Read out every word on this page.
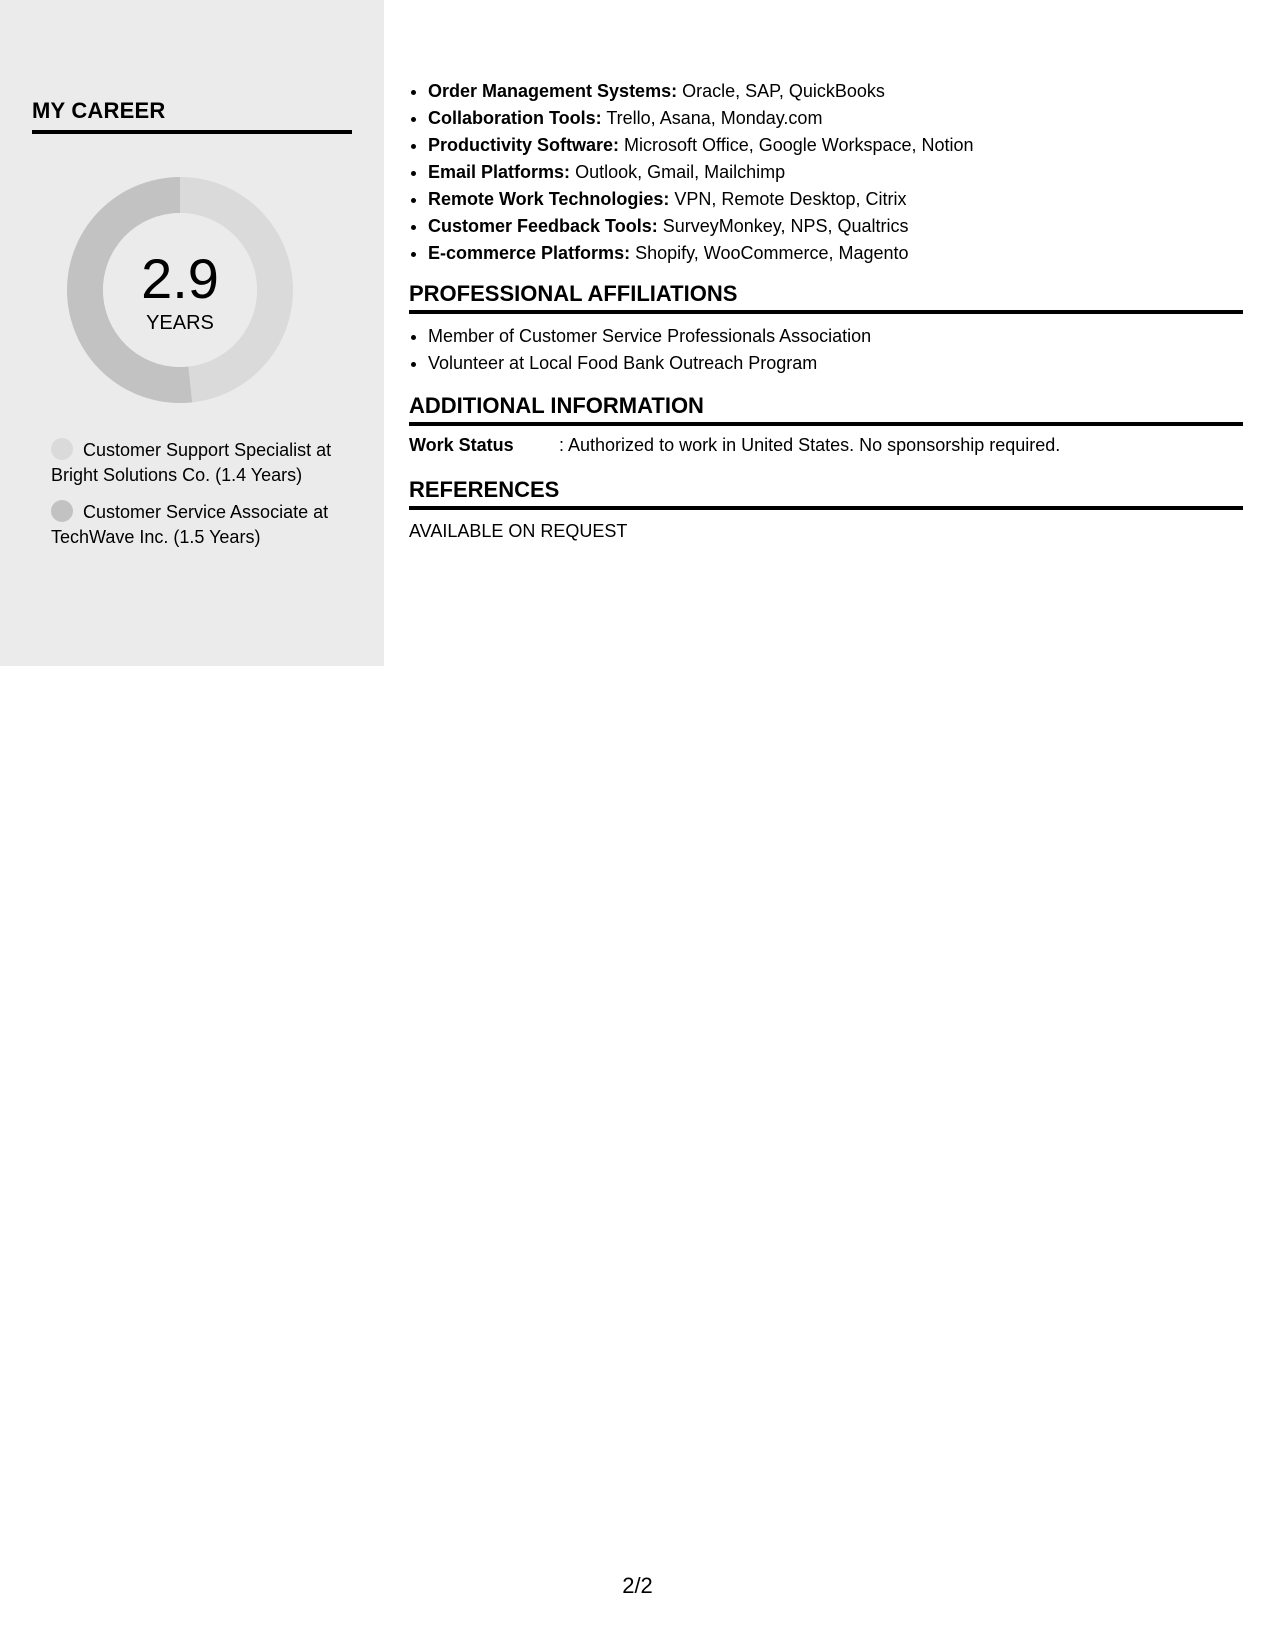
MY CAREER
2.9
YEARS
Customer Support Specialist at Bright Solutions Co. (1.4 Years)
Customer Service Associate at TechWave Inc. (1.5 Years)
• Order Management Systems: Oracle, SAP, QuickBooks
• Collaboration Tools: Trello, Asana, Monday.com
• Productivity Software: Microsoft Office, Google Workspace, Notion
• Email Platforms: Outlook, Gmail, Mailchimp
• Remote Work Technologies: VPN, Remote Desktop, Citrix
• Customer Feedback Tools: SurveyMonkey, NPS, Qualtrics
• E-commerce Platforms: Shopify, WooCommerce, Magento
PROFESSIONAL AFFILIATIONS
• Member of Customer Service Professionals Association
• Volunteer at Local Food Bank Outreach Program
ADDITIONAL INFORMATION
Work Status	: Authorized to work in United States. No sponsorship required.
REFERENCES
AVAILABLE ON REQUEST
2/2
